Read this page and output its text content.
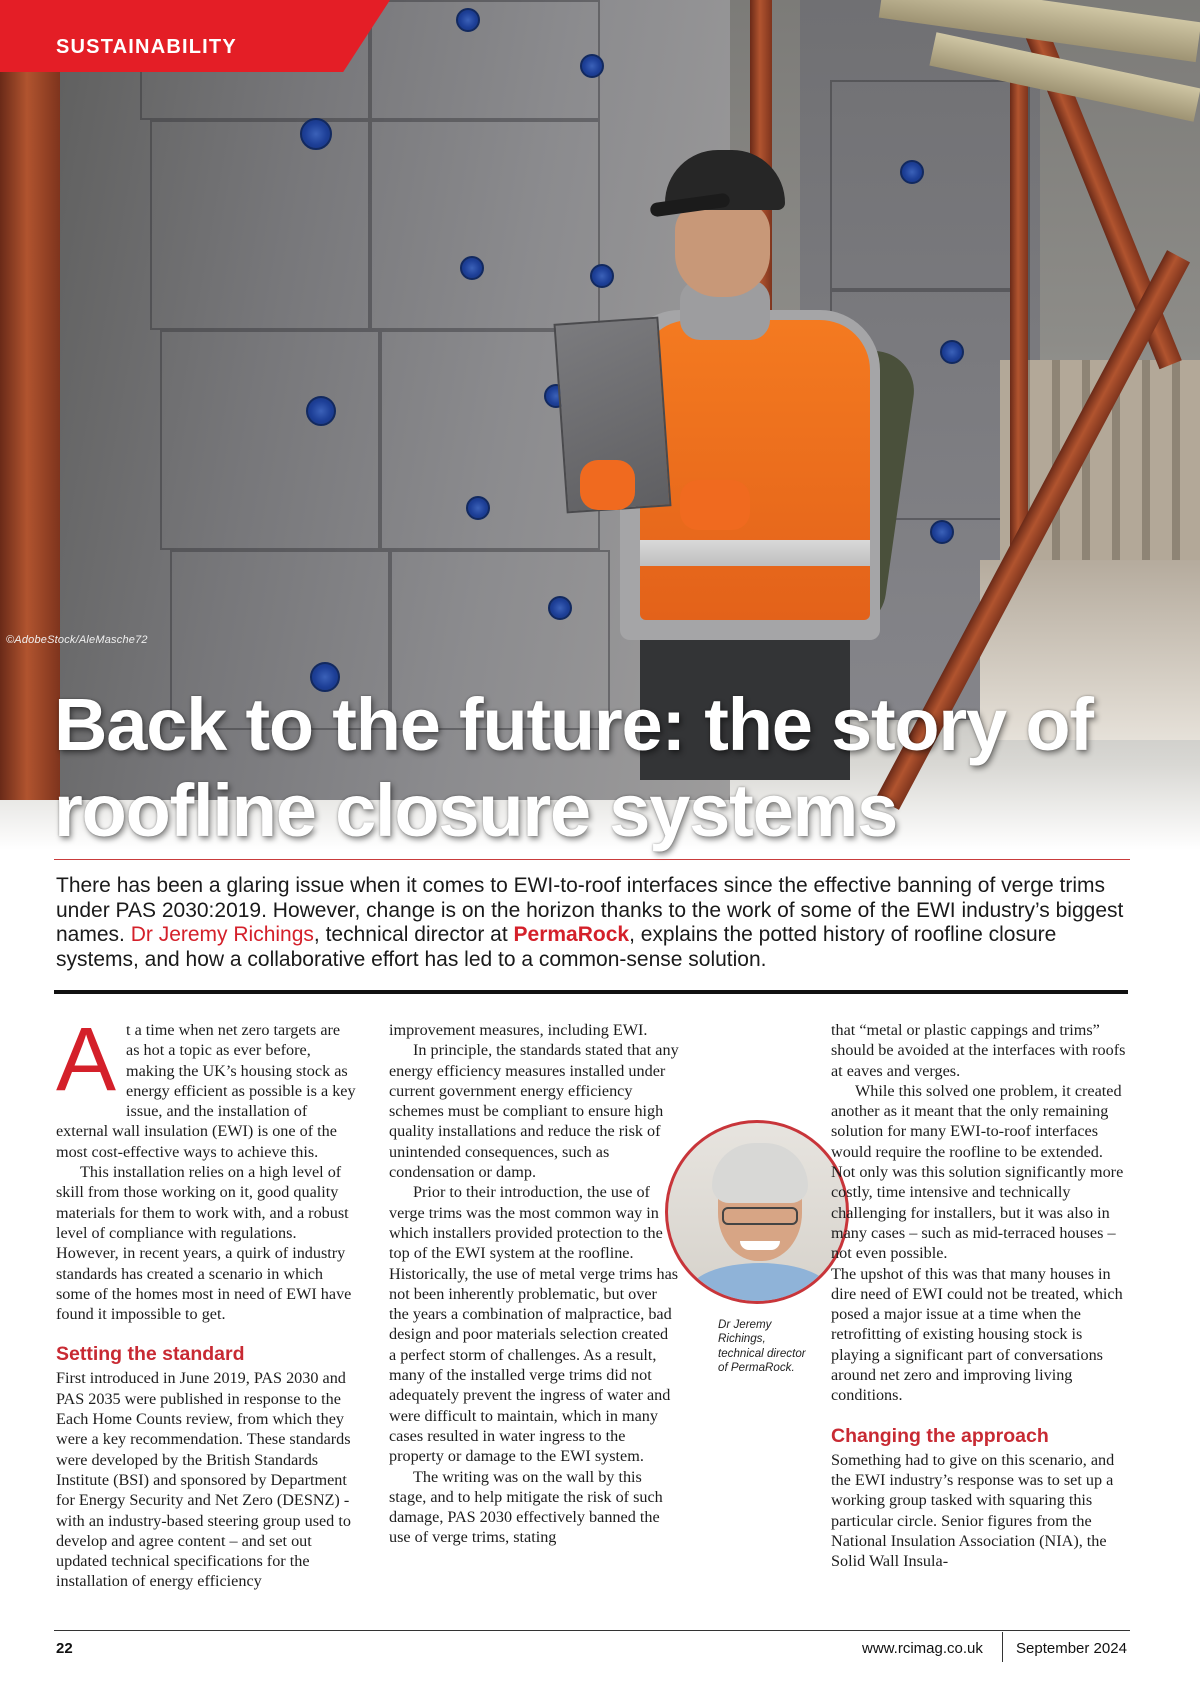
©AdobeStock/AleMasche72
SUSTAINABILITY
Back to the future: the story of roofline closure systems

There has been a glaring issue when it comes to EWI-to-roof interfaces since the effective banning of verge trims under PAS 2030:2019. However, change is on the horizon thanks to the work of some of the EWI industry’s biggest names. Dr Jeremy Richings, technical director at PermaRock, explains the potted history of roofline closure systems, and how a collaborative effort has led to a common-sense solution.

At a time when net zero targets are as hot a topic as ever before, making the UK’s housing stock as energy efficient as possible is a key issue, and the installation of external wall insulation (EWI) is one of the most cost-effective ways to achieve this.

This installation relies on a high level of skill from those working on it, good quality materials for them to work with, and a robust level of compliance with regulations. However, in recent years, a quirk of industry standards has created a scenario in which some of the homes most in need of EWI have found it impossible to get.

Setting the standard

First introduced in June 2019, PAS 2030 and PAS 2035 were published in response to the Each Home Counts review, from which they were a key recommendation. These standards were developed by the British Standards Institute (BSI) and sponsored by Department for Energy Security and Net Zero (DESNZ) - with an industry-based steering group used to develop and agree content – and set out updated technical specifications for the installation of energy efficiency

improvement measures, including EWI.

In principle, the standards stated that any energy efficiency measures installed under current government energy efficiency schemes must be compliant to ensure high quality installations and reduce the risk of unintended consequences, such as condensation or damp.

Prior to their introduction, the use of verge trims was the most common way in which installers provided protection to the top of the EWI system at the roofline. Historically, the use of metal verge trims has not been inherently problematic, but over the years a combination of malpractice, bad design and poor materials selection created a perfect storm of challenges. As a result, many of the installed verge trims did not adequately prevent the ingress of water and were difficult to maintain, which in many cases resulted in water ingress to the property or damage to the EWI system.

The writing was on the wall by this stage, and to help mitigate the risk of such damage, PAS 2030 effectively banned the use of verge trims, stating

Dr Jeremy Richings, technical director of PermaRock.

that “metal or plastic cappings and trims” should be avoided at the interfaces with roofs at eaves and verges.

While this solved one problem, it created another as it meant that the only remaining solution for many EWI-to-roof interfaces would require the roofline to be extended. Not only was this solution significantly more costly, time intensive and technically challenging for installers, but it was also in many cases – such as mid-terraced houses – not even possible.

The upshot of this was that many houses in dire need of EWI could not be treated, which posed a major issue at a time when the retrofitting of existing housing stock is playing a significant part of conversations around net zero and improving living conditions.

Changing the approach

Something had to give on this scenario, and the EWI industry’s response was to set up a working group tasked with squaring this particular circle. Senior figures from the National Insulation Association (NIA), the Solid Wall Insula-

22	www.rcimag.co.uk September 2024
